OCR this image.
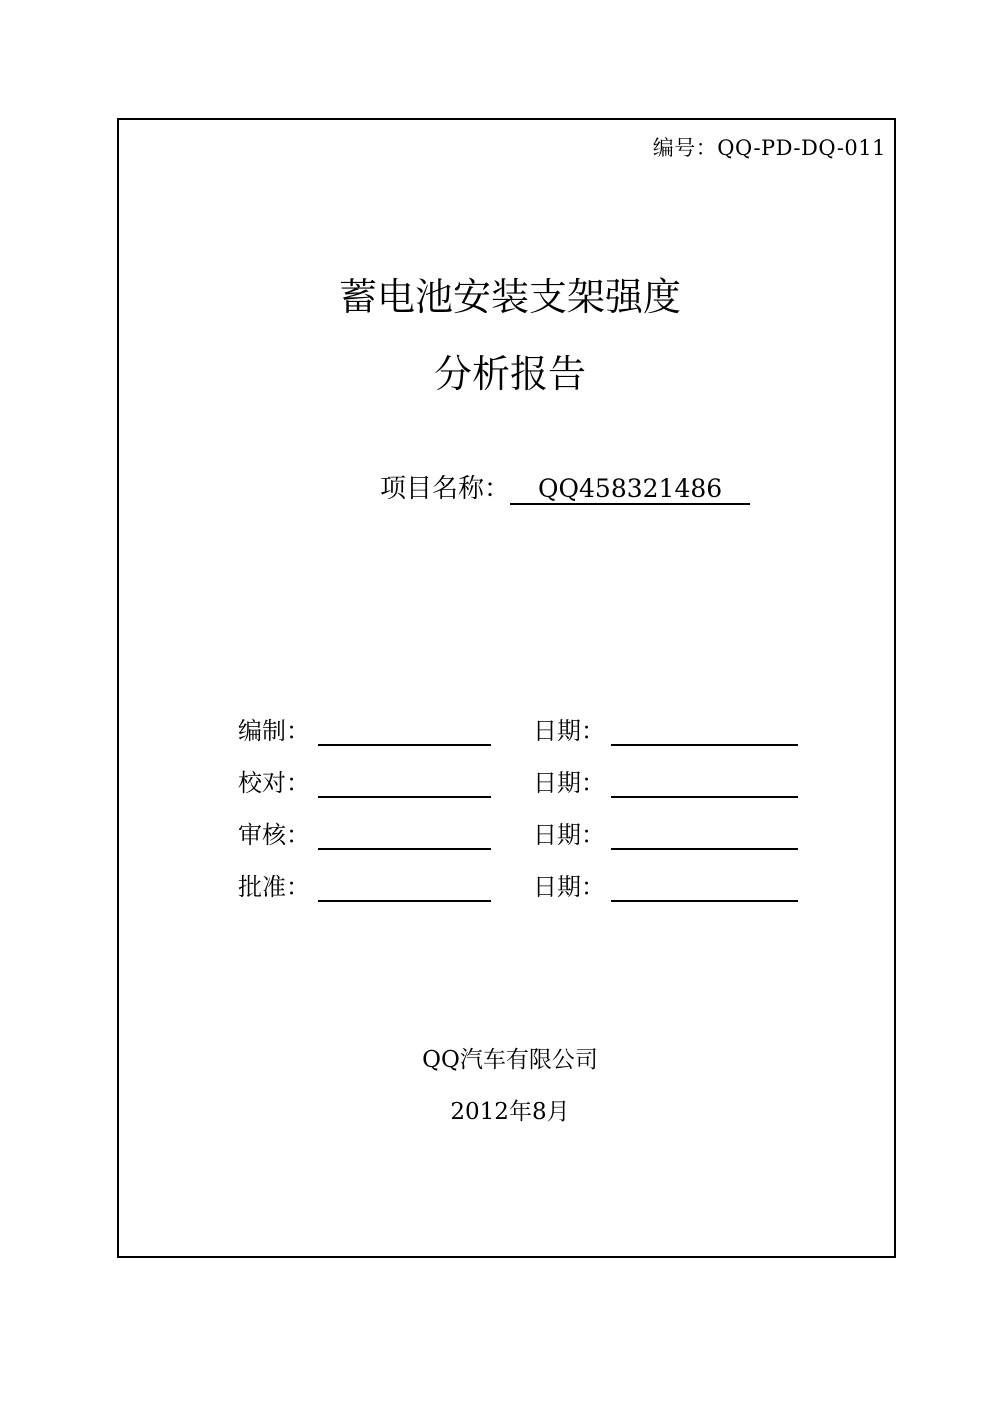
编号：QQ-PD-DQ-011
蓄电池安装支架强度
分析报告
项目名称：	QQ458321486
编制：	日期：
校对：	日期：
审核：	日期：
批准：	日期：
QQ汽车有限公司
2012年8月
